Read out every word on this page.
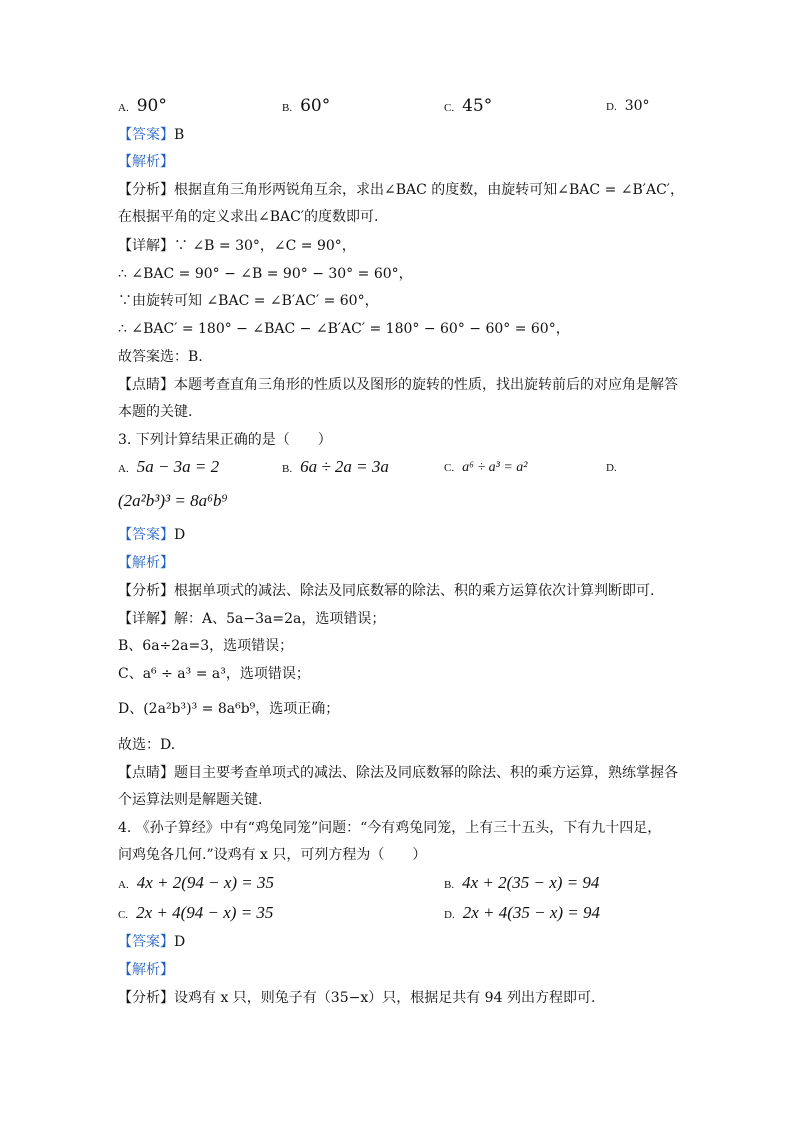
A. 90°	B. 60°	C. 45°	D. 30°
【答案】B
【解析】
【分析】根据直角三角形两锐角互余，求出∠BAC 的度数，由旋转可知∠BAC = ∠B′AC′，
在根据平角的定义求出∠BAC′的度数即可.
【详解】∵ ∠B = 30°，∠C = 90°，
∴ ∠BAC = 90° − ∠B = 90° − 30° = 60°，
∵由旋转可知 ∠BAC = ∠B′AC′ = 60°，
∴ ∠BAC′ = 180° − ∠BAC − ∠B′AC′ = 180° − 60° − 60° = 60°，
故答案选：B.
【点睛】本题考查直角三角形的性质以及图形的旋转的性质，找出旋转前后的对应角是解答
本题的关键.
3. 下列计算结果正确的是（　　）
A. 5a − 3a = 2	B. 6a ÷ 2a = 3a	C. a⁶ ÷ a³ = a²	D.
(2a²b³)³ = 8a⁶b⁹
【答案】D
【解析】
【分析】根据单项式的减法、除法及同底数幂的除法、积的乘方运算依次计算判断即可.
【详解】解：A、5a−3a=2a，选项错误；
B、6a÷2a=3，选项错误；
C、a⁶ ÷ a³ = a³，选项错误；
D、(2a²b³)³ = 8a⁶b⁹，选项正确；
故选：D.
【点睛】题目主要考查单项式的减法、除法及同底数幂的除法、积的乘方运算，熟练掌握各
个运算法则是解题关键.
4. 《孙子算经》中有“鸡兔同笼”问题：“今有鸡兔同笼，上有三十五头，下有九十四足，
问鸡兔各几何.”设鸡有 x 只，可列方程为（　　）
A. 4x + 2(94 − x) = 35	B. 4x + 2(35 − x) = 94
C. 2x + 4(94 − x) = 35	D. 2x + 4(35 − x) = 94
【答案】D
【解析】
【分析】设鸡有 x 只，则兔子有（35−x）只，根据足共有 94 列出方程即可.
